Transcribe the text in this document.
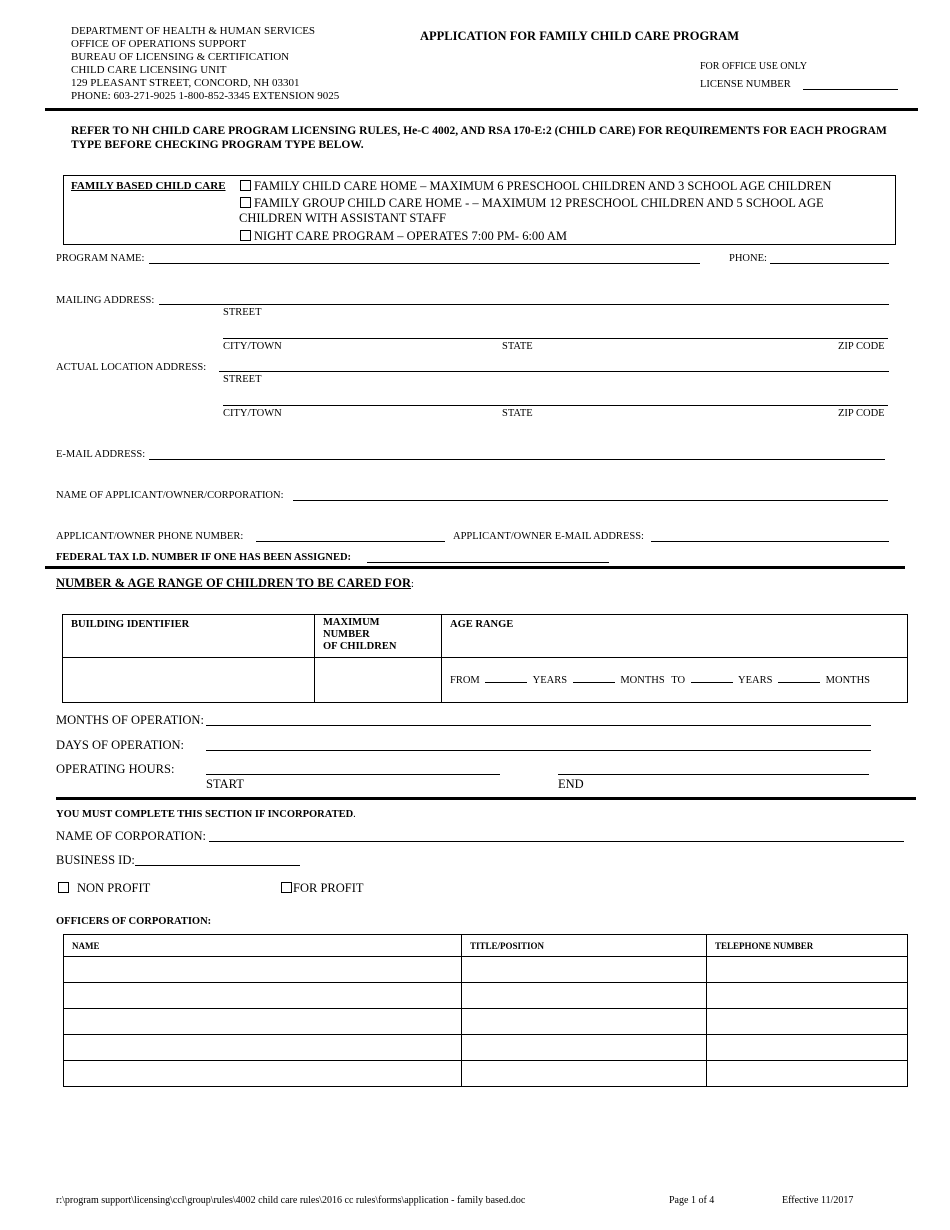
DEPARTMENT OF HEALTH & HUMAN SERVICES
OFFICE OF OPERATIONS SUPPORT
BUREAU OF LICENSING & CERTIFICATION
CHILD CARE LICENSING UNIT
129 PLEASANT STREET, CONCORD, NH 03301
PHONE: 603-271-9025 1-800-852-3345 EXTENSION 9025
APPLICATION FOR FAMILY CHILD CARE PROGRAM
FOR OFFICE USE ONLY
LICENSE NUMBER
REFER TO NH CHILD CARE PROGRAM LICENSING RULES, He-C 4002, AND RSA 170-E:2 (CHILD CARE) FOR REQUIREMENTS FOR EACH PROGRAM TYPE BEFORE CHECKING PROGRAM TYPE BELOW.
FAMILY BASED CHILD CARE	FAMILY CHILD CARE HOME – MAXIMUM 6 PRESCHOOL CHILDREN AND 3 SCHOOL AGE CHILDREN
FAMILY GROUP CHILD CARE HOME - – MAXIMUM 12 PRESCHOOL CHILDREN AND 5 SCHOOL AGE
CHILDREN WITH ASSISTANT STAFF
NIGHT CARE PROGRAM – OPERATES 7:00 PM- 6:00 AM
PROGRAM NAME:	PHONE:
MAILING ADDRESS:
STREET
CITY/TOWN	STATE	ZIP CODE
ACTUAL LOCATION ADDRESS:
STREET
CITY/TOWN	STATE	ZIP CODE
E-MAIL ADDRESS:
NAME OF APPLICANT/OWNER/CORPORATION:
APPLICANT/OWNER PHONE NUMBER:	APPLICANT/OWNER E-MAIL ADDRESS:
FEDERAL TAX I.D. NUMBER IF ONE HAS BEEN ASSIGNED:
NUMBER & AGE RANGE OF CHILDREN TO BE CARED FOR:
BUILDING IDENTIFIER	MAXIMUM
NUMBER
OF CHILDREN	AGE RANGE
		FROM YEARS MONTHS TO YEARS MONTHS
MONTHS OF OPERATION:
DAYS OF OPERATION:
OPERATING HOURS:
START	END
YOU MUST COMPLETE THIS SECTION IF INCORPORATED.
NAME OF CORPORATION:
BUSINESS ID:
NON PROFIT	FOR PROFIT
OFFICERS OF CORPORATION:
NAME	TITLE/POSITION	TELEPHONE NUMBER

r:\program support\licensing\ccl\group\rules\4002 child care rules\2016 cc rules\forms\application - family based.doc	Page 1 of 4	Effective 11/2017
